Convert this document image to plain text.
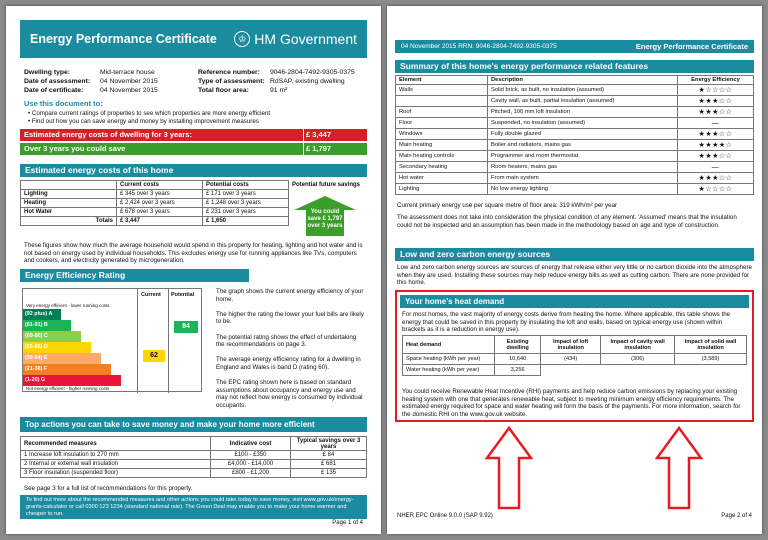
Energy Performance Certificate	♔ HM Government
Dwelling type:	Mid-terrace house
Date of assessment: 04 November 2015
Date of certificate: 04 November 2015
Reference number: 9046-2804-7492-9305-0375
Type of assessment: RdSAP, existing dwelling
Total floor area:	91 m²
Use this document to:
• Compare current ratings of properties to see which properties are more energy efficient
• Find out how you can save energy and money by installing improvement measures
Estimated energy costs of dwelling for 3 years:	£ 3,447
Over 3 years you could save	£ 1,797
Estimated energy costs of this home
	Current costs	Potential costs	Potential future savings
Lighting	£ 345 over 3 years	£ 171 over 3 years	
Heating	£ 2,424 over 3 years	£ 1,248 over 3 years	
Hot Water	£ 678 over 3 years	£ 231 over 3 years	
Totals	£ 3,447	£ 1,650	
You could save £ 1,797 over 3 years
These figures show how much the average household would spend in this property for heating, lighting and hot water and is not based on energy used by individual households. This excludes energy use for running appliances like TVs, computers and cookers, and electricity generated by microgeneration.
Energy Efficiency Rating
Current Potential
Very energy efficient - lower running costs
(92 plus) A
(81-91) B
(69-80) C
(55-68) D
(39-54) E
(21-38) F
(1-20) G
Not energy efficient - higher running costs
62
84

The graph shows the current energy efficiency of your home.

The higher the rating the lower your fuel bills are likely to be.

The potential rating shows the effect of undertaking the recommendations on page 3.

The average energy efficiency rating for a dwelling in England and Wales is band D (rating 60).

The EPC rating shown here is based on standard assumptions about occupancy and energy use and may not reflect how energy is consumed by individual occupants.

Top actions you can take to save money and make your home more efficient
Recommended measures	Indicative cost	Typical savings over 3 years
1 Increase loft insulation to 270 mm	£100 - £350	£ 84
2 Internal or external wall insulation	£4,000 - £14,000	£ 681
3 Floor insulation (suspended floor)	£800 - £1,200	£ 135
See page 3 for a full list of recommendations for this property.
To find out more about the recommended measures and other actions you could take today to save money, visit www.gov.uk/energy-grants-calculator or call 0300 123 1234 (standard national rate). The Green Deal may enable you to make your home warmer and cheaper to run.
Page 1 of 4
04 November 2015 RRN: 9046-2804-7492-9305-0375	Energy Performance Certificate
Summary of this home's energy performance related features
Element	Description	Energy Efficiency
Walls	Solid brick, as built, no insulation (assumed)	★☆☆☆☆
	Cavity wall, as built, partial insulation (assumed)	★★★☆☆
Roof	Pitched, 100 mm loft insulation	★★★☆☆
Floor	Suspended, no insulation (assumed)	—
Windows	Fully double glazed	★★★☆☆
Main heating	Boiler and radiators, mains gas	★★★★☆
Main heating controls	Programmer and room thermostat	★★★☆☆
Secondary heating	Room heaters, mains gas	—
Hot water	From main system	★★★☆☆
Lighting	No low energy lighting	★☆☆☆☆
Current primary energy use per square metre of floor area: 319 kWh/m² per year
The assessment does not take into consideration the physical condition of any element. 'Assumed' means that the insulation could not be inspected and an assumption has been made in the methodology based on age and type of construction.
Low and zero carbon energy sources
Low and zero carbon energy sources are sources of energy that release either very little or no carbon dioxide into the atmosphere when they are used. Installing these sources may help reduce energy bills as well as cutting carbon. There are none provided for this home.
Your home's heat demand
For most homes, the vast majority of energy costs derive from heating the home. Where applicable, this table shows the energy that could be saved in this property by insulating the loft and walls, based on typical energy use (shown within brackets as it is a reduction in energy use).
Heat demand	Existing dwelling	Impact of loft insulation	Impact of cavity wall insulation	Impact of solid wall insulation
Space heating (kWh per year)	10,640	(434)	(306)	(3,589)
Water heating (kWh per year)	3,256			
You could receive Renewable Heat Incentive (RHI) payments and help reduce carbon emissions by replacing your existing heating system with one that generates renewable heat, subject to meeting minimum energy efficiency requirements. The estimated energy required for space and water heating will form the basis of the payments. For more information, search for the domestic RHI on the www.gov.uk website.
NHER EPC Online 9.0.0 (SAP 9.92)	Page 2 of 4
